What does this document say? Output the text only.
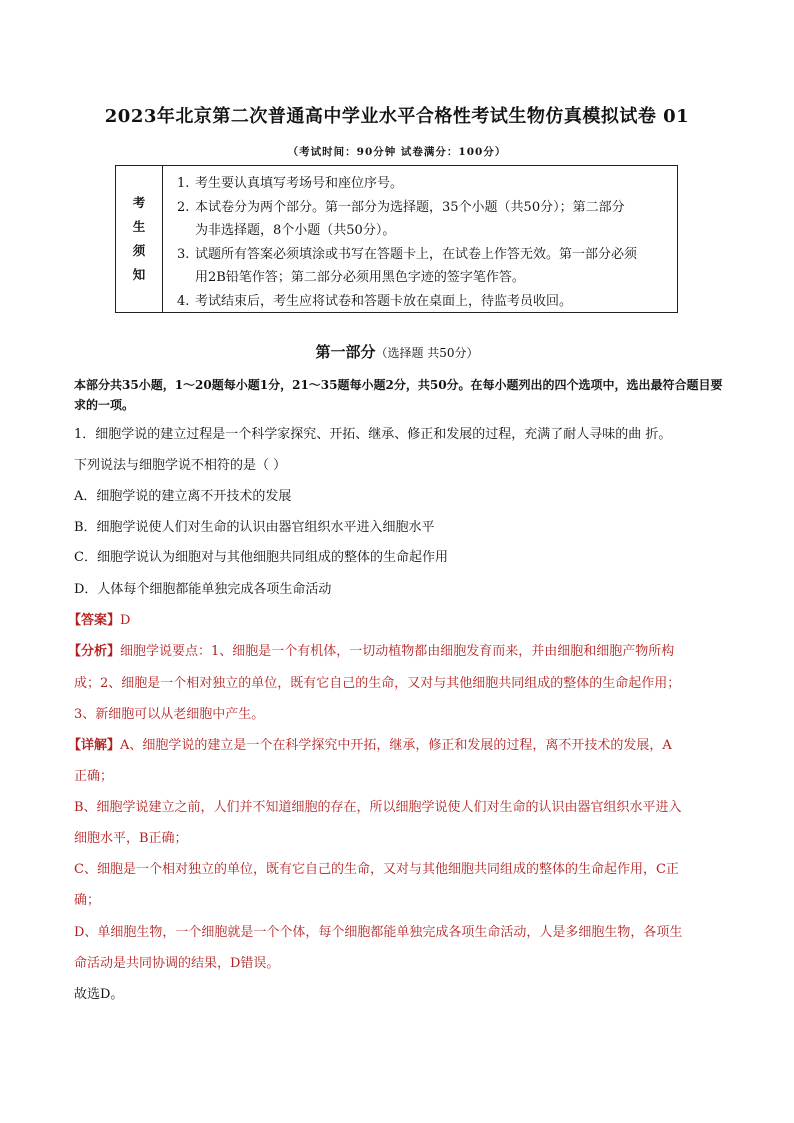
2023年北京第二次普通高中学业水平合格性考试生物仿真模拟试卷 01
（考试时间：90分钟 试卷满分：100分）
考
生
须
知
1. 考生要认真填写考场号和座位序号。
2. 本试卷分为两个部分。第一部分为选择题，35个小题（共50分）；第二部分
为非选择题，8个小题（共50分）。
3. 试题所有答案必须填涂或书写在答题卡上，在试卷上作答无效。第一部分必须
用2B铅笔作答；第二部分必须用黑色字迹的签字笔作答。
4. 考试结束后，考生应将试卷和答题卡放在桌面上，待监考员收回。
第一部分（选择题 共50分）
本部分共35小题，1～20题每小题1分，21～35题每小题2分，共50分。在每小题列出的四个选项中，选出最符合题目要求的一项。
1．细胞学说的建立过程是一个科学家探究、开拓、继承、修正和发展的过程，充满了耐人寻味的曲 折。
下列说法与细胞学说不相符的是（ ）
A．细胞学说的建立离不开技术的发展
B．细胞学说使人们对生命的认识由器官组织水平进入细胞水平
C．细胞学说认为细胞对与其他细胞共同组成的整体的生命起作用
D．人体每个细胞都能单独完成各项生命活动
【答案】D
【分析】细胞学说要点：1、细胞是一个有机体，一切动植物都由细胞发育而来，并由细胞和细胞产物所构
成；2、细胞是一个相对独立的单位，既有它自己的生命，又对与其他细胞共同组成的整体的生命起作用；
3、新细胞可以从老细胞中产生。
【详解】A、细胞学说的建立是一个在科学探究中开拓，继承，修正和发展的过程，离不开技术的发展，A
正确；
B、细胞学说建立之前，人们并不知道细胞的存在，所以细胞学说使人们对生命的认识由器官组织水平进入
细胞水平，B正确；
C、细胞是一个相对独立的单位，既有它自己的生命，又对与其他细胞共同组成的整体的生命起作用，C正
确；
D、单细胞生物，一个细胞就是一个个体，每个细胞都能单独完成各项生命活动，人是多细胞生物，各项生
命活动是共同协调的结果，D错误。
故选D。
